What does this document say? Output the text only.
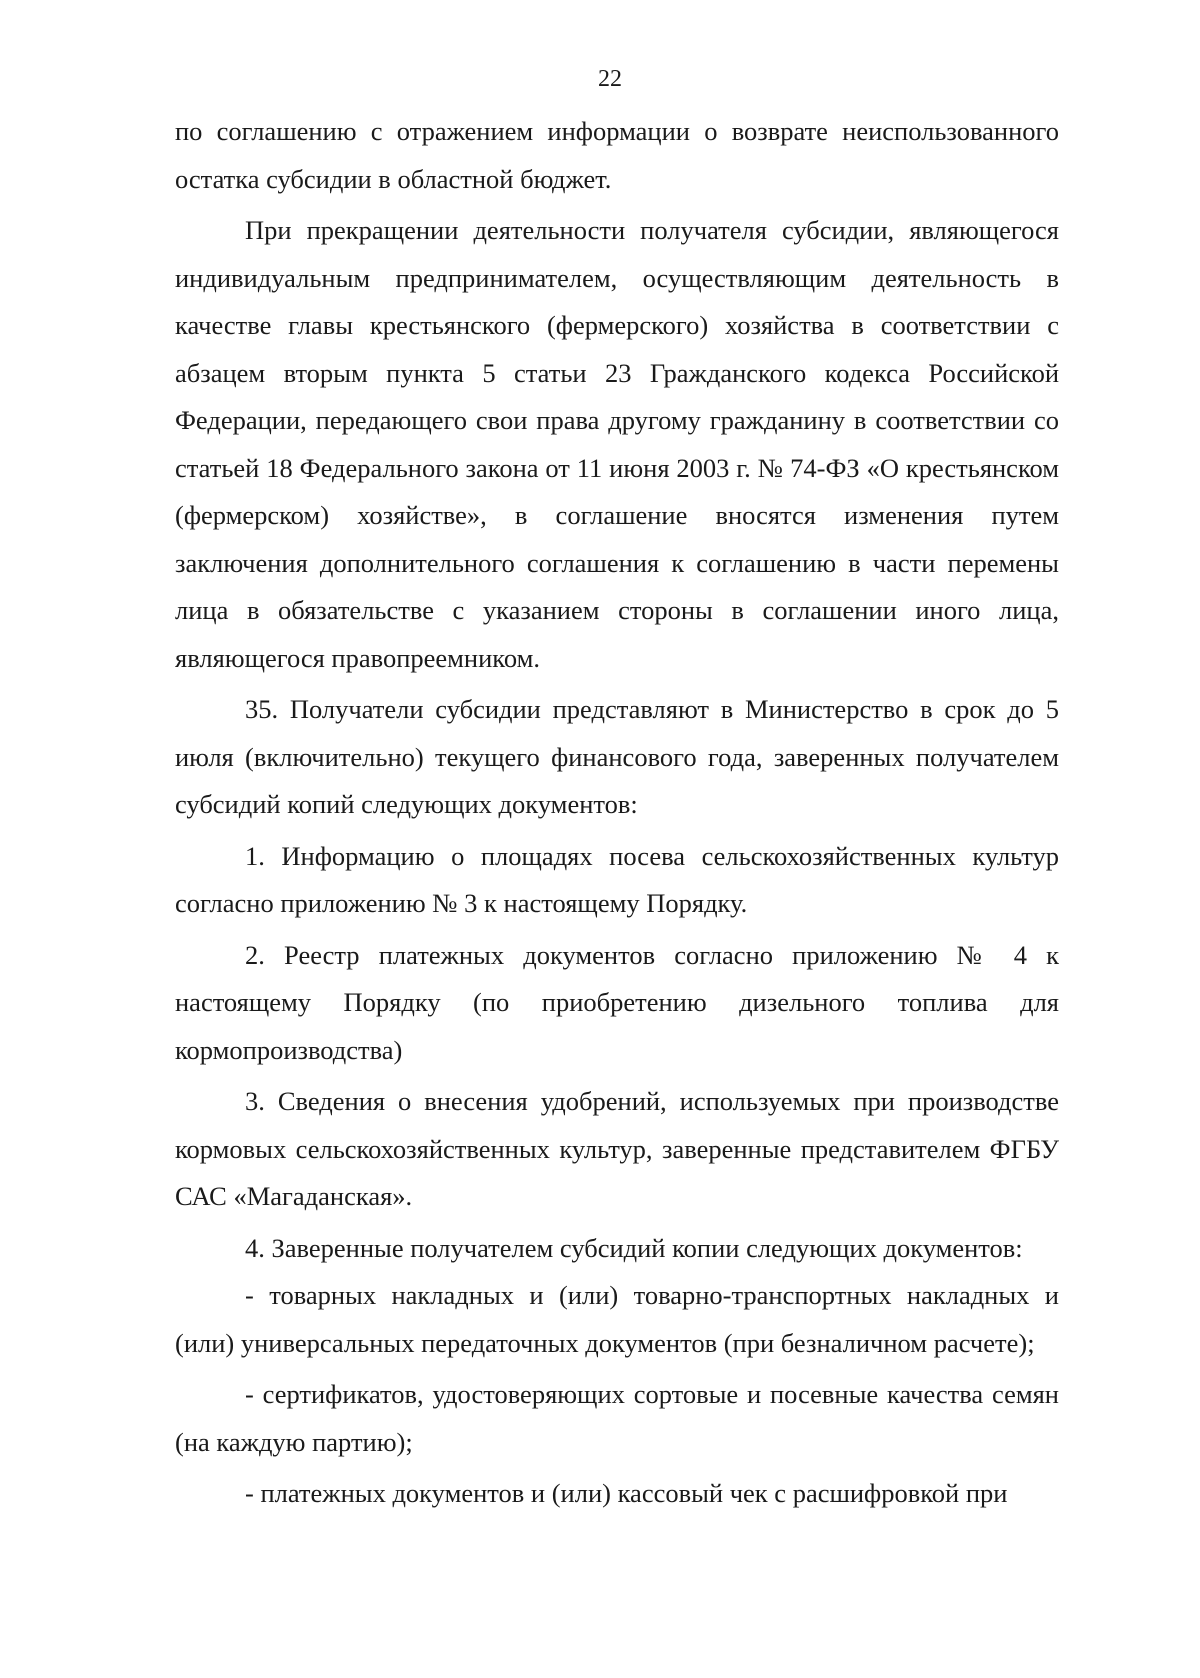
22

по соглашению с отражением информации о возврате неиспользованного остатка субсидии в областной бюджет.

При прекращении деятельности получателя субсидии, являющегося индивидуальным предпринимателем, осуществляющим деятельность в качестве главы крестьянского (фермерского) хозяйства в соответствии с абзацем вторым пункта 5 статьи 23 Гражданского кодекса Российской Федерации, передающего свои права другому гражданину в соответствии со статьей 18 Федерального закона от 11 июня 2003 г. № 74-ФЗ «О крестьянском (фермерском) хозяйстве», в соглашение вносятся изменения путем заключения дополнительного соглашения к соглашению в части перемены лица в обязательстве с указанием стороны в соглашении иного лица, являющегося правопреемником.

35. Получатели субсидии представляют в Министерство в срок до 5 июля (включительно) текущего финансового года, заверенных получателем субсидий копий следующих документов:

1. Информацию о площадях посева сельскохозяйственных культур согласно приложению № 3 к настоящему Порядку.

2. Реестр платежных документов согласно приложению № 4 к настоящему Порядку (по приобретению дизельного топлива для кормопроизводства)

3. Сведения о внесения удобрений, используемых при производстве кормовых сельскохозяйственных культур, заверенные представителем ФГБУ САС «Магаданская».

4. Заверенные получателем субсидий копии следующих документов:

- товарных накладных и (или) товарно-транспортных накладных и (или) универсальных передаточных документов (при безналичном расчете);

- сертификатов, удостоверяющих сортовые и посевные качества семян (на каждую партию);

- платежных документов и (или) кассовый чек с расшифровкой при
